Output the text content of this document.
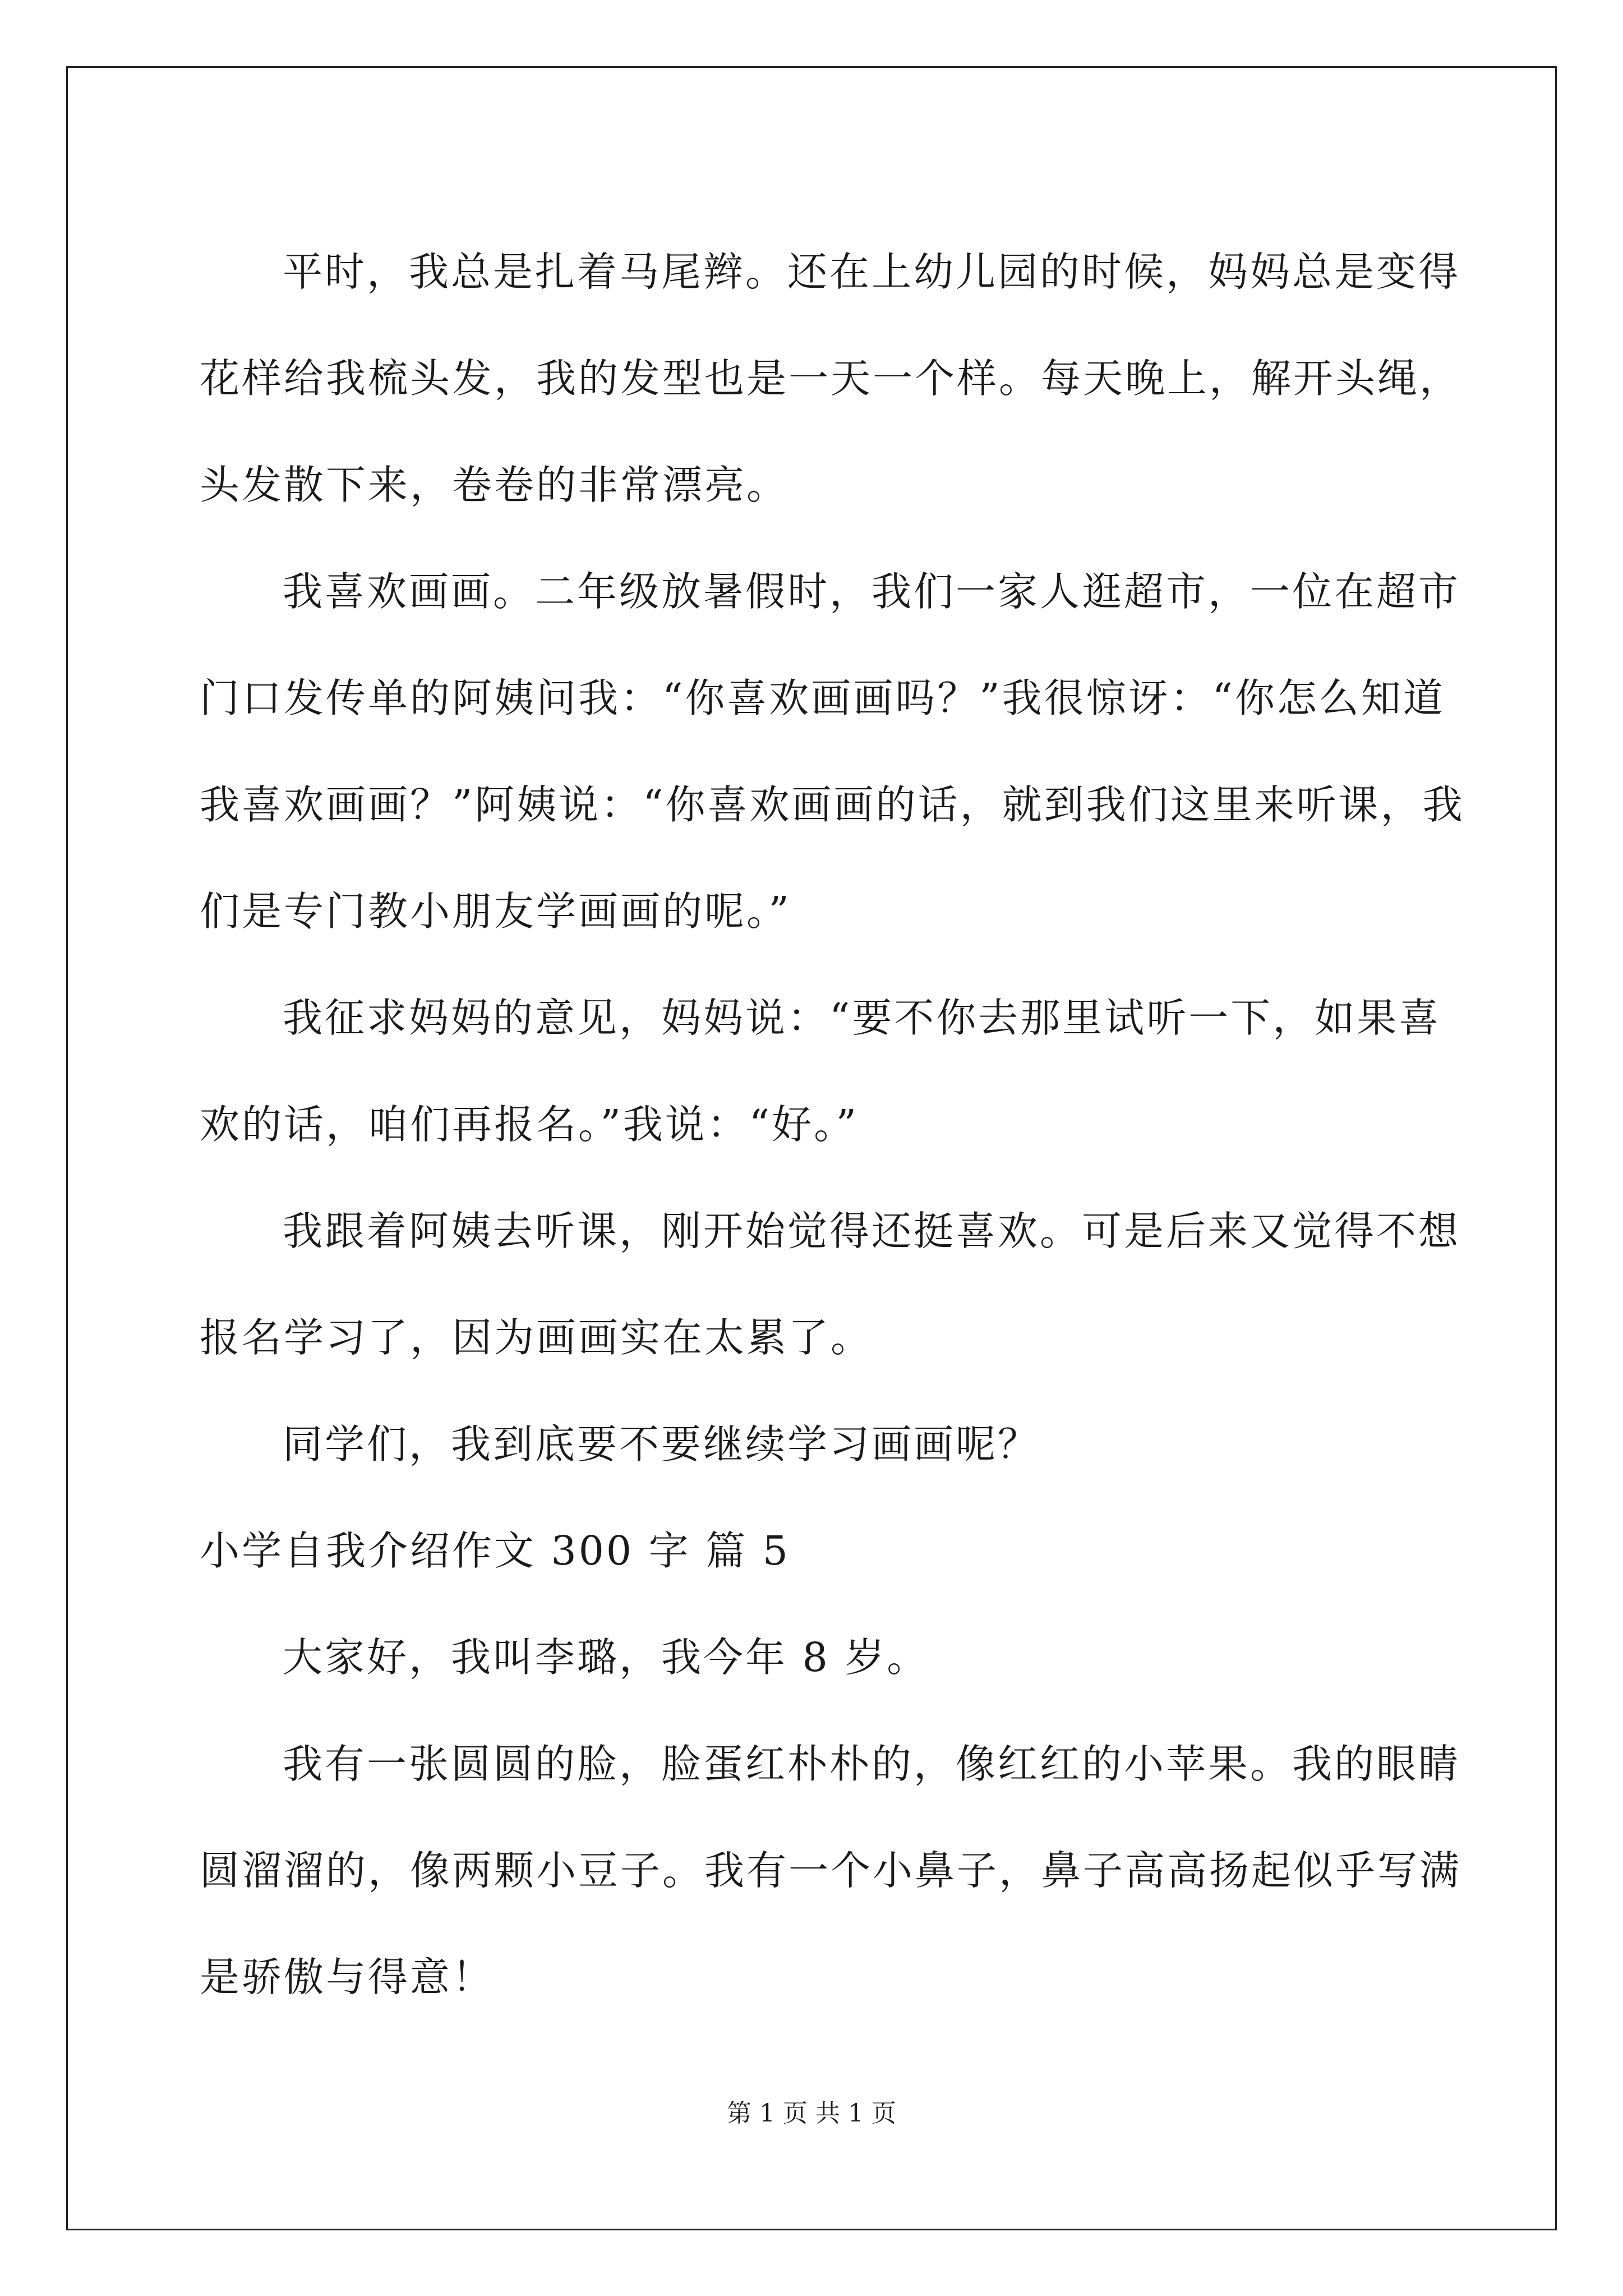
平时，我总是扎着马尾辫。还在上幼儿园的时候，妈妈总是变得花样给我梳头发，我的发型也是一天一个样。每天晚上，解开头绳，头发散下来，卷卷的非常漂亮。

我喜欢画画。二年级放暑假时，我们一家人逛超市，一位在超市门口发传单的阿姨问我：“你喜欢画画吗？”我很惊讶：“你怎么知道我喜欢画画？”阿姨说：“你喜欢画画的话，就到我们这里来听课，我们是专门教小朋友学画画的呢。”

我征求妈妈的意见，妈妈说：“要不你去那里试听一下，如果喜欢的话，咱们再报名。”我说：“好。”

我跟着阿姨去听课，刚开始觉得还挺喜欢。可是后来又觉得不想报名学习了，因为画画实在太累了。

同学们，我到底要不要继续学习画画呢？

小学自我介绍作文 300 字 篇 5

大家好，我叫李璐，我今年 8 岁。

我有一张圆圆的脸，脸蛋红朴朴的，像红红的小苹果。我的眼睛圆溜溜的，像两颗小豆子。我有一个小鼻子，鼻子高高扬起似乎写满是骄傲与得意！

第 1 页 共 1 页
